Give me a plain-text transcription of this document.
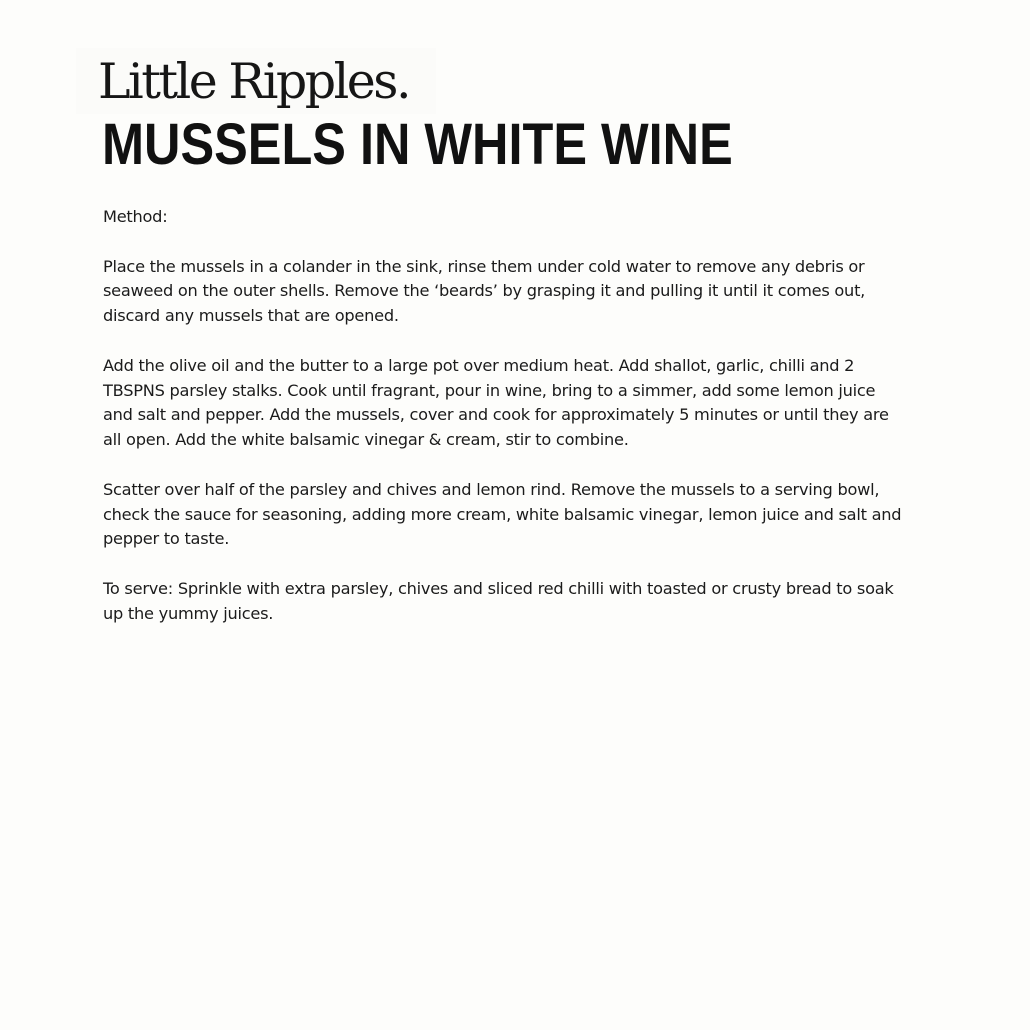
Little Ripples.
MUSSELS IN WHITE WINE

Method:

Place the mussels in a colander in the sink, rinse them under cold water to remove any debris or seaweed on the outer shells. Remove the ‘beards’ by grasping it and pulling it until it comes out, discard any mussels that are opened.

Add the olive oil and the butter to a large pot over medium heat. Add shallot, garlic, chilli and 2 TBSPNS parsley stalks. Cook until fragrant, pour in wine, bring to a simmer, add some lemon juice and salt and pepper. Add the mussels, cover and cook for approximately 5 minutes or until they are all open. Add the white balsamic vinegar & cream, stir to combine.

Scatter over half of the parsley and chives and lemon rind. Remove the mussels to a serving bowl, check the sauce for seasoning, adding more cream, white balsamic vinegar, lemon juice and salt and pepper to taste.

To serve: Sprinkle with extra parsley, chives and sliced red chilli with toasted or crusty bread to soak up the yummy juices.
